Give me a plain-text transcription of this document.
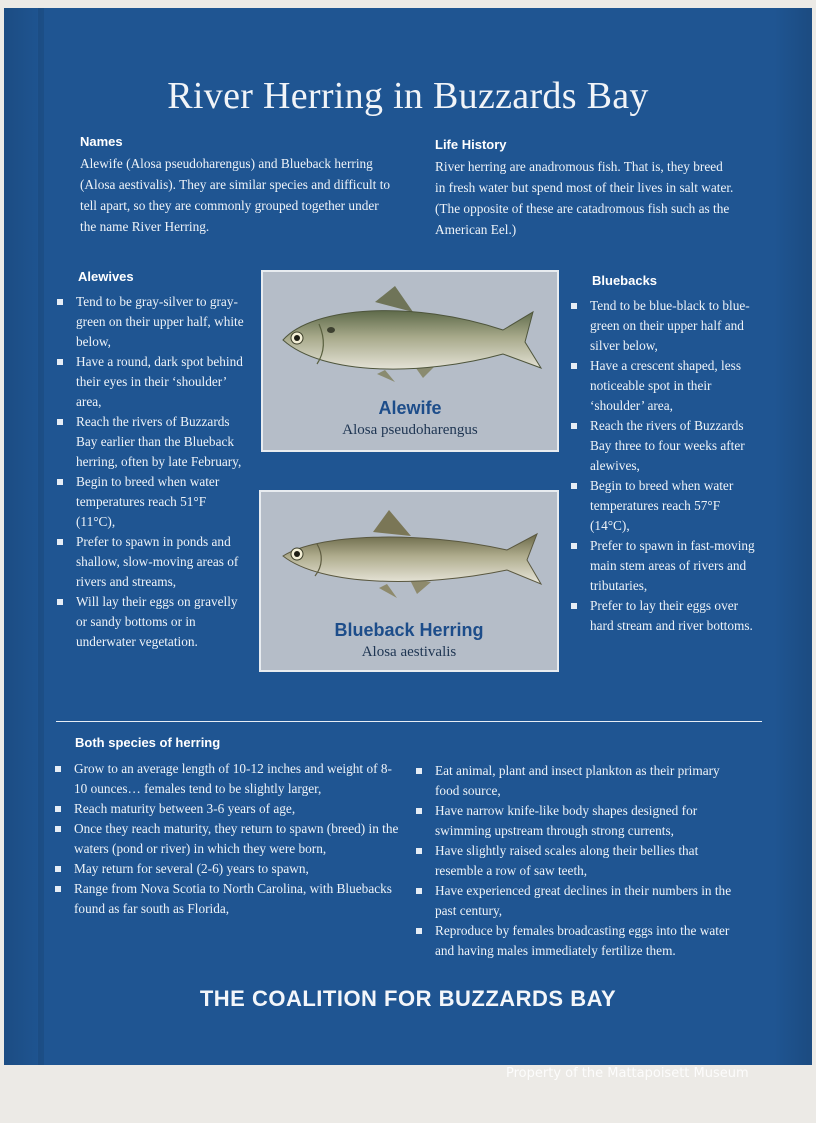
River Herring in Buzzards Bay
Names
Alewife (Alosa pseudoharengus) and Blueback herring
(Alosa aestivalis). They are similar species and difficult to
tell apart, so they are commonly grouped together under
the name River Herring.
Life History
River herring are anadromous fish. That is, they breed
in fresh water but spend most of their lives in salt water.
(The opposite of these are catadromous fish such as the
American Eel.)
Alewives
Tend to be gray-silver to gray-green on their upper half, white below,
Have a round, dark spot behind their eyes in their ‘shoulder’ area,
Reach the rivers of Buzzards Bay earlier than the Blueback herring, often by late February,
Begin to breed when water temperatures reach 51°F (11°C),
Prefer to spawn in ponds and shallow, slow-moving areas of rivers and streams,
Will lay their eggs on gravelly or sandy bottoms or in underwater vegetation.
Alewife
Alosa pseudoharengus
Blueback Herring
Alosa aestivalis
Bluebacks
Tend to be blue-black to blue-green on their upper half and silver below,
Have a crescent shaped, less noticeable spot in their ‘shoulder’ area,
Reach the rivers of Buzzards Bay three to four weeks after alewives,
Begin to breed when water temperatures reach 57°F (14°C),
Prefer to spawn in fast-moving main stem areas of rivers and tributaries,
Prefer to lay their eggs over hard stream and river bottoms.
Both species of herring
Grow to an average length of 10-12 inches and weight of 8-10 ounces… females tend to be slightly larger,
Reach maturity between 3-6 years of age,
Once they reach maturity, they return to spawn (breed) in the waters (pond or river) in which they were born,
May return for several (2-6) years to spawn,
Range from Nova Scotia to North Carolina, with Bluebacks found as far south as Florida,
Eat animal, plant and insect plankton as their primary food source,
Have narrow knife-like body shapes designed for swimming upstream through strong currents,
Have slightly raised scales along their bellies that resemble a row of saw teeth,
Have experienced great declines in their numbers in the past century,
Reproduce by females broadcasting eggs into the water and having males immediately fertilize them.
THE COALITION FOR BUZZARDS BAY
Property of the Mattapoisett Museum
